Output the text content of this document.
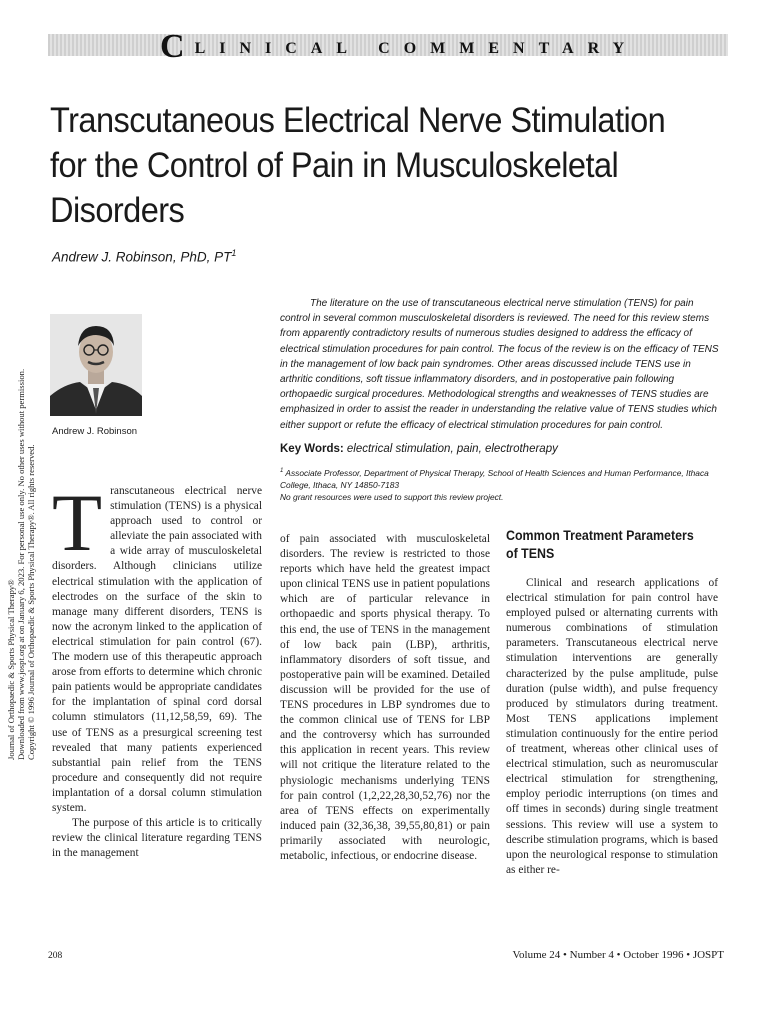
CLINICAL COMMENTARY
Transcutaneous Electrical Nerve Stimulation
for the Control of Pain in Musculoskeletal
Disorders
Andrew J. Robinson, PhD, $PT^1$
Journal of Orthopaedic & Sports Physical Therapy® Downloaded from www.jospt.org at on January 6, 2023. For personal use only. No other uses without permission. Copyright © 1996 Journal of Orthopaedic & Sports Physical Therapy®. All rights reserved.
Andrew J. Robinson

The literature on the use of transcutaneous electrical nerve stimulation (TENS) for pain control in several common musculoskeletal disorders is reviewed. The need for this review stems from apparently contradictory results of numerous studies designed to address the efficacy of electrical stimulation procedures for pain control. The focus of the review is on the efficacy of TENS in the management of low back pain syndromes. Other areas discussed include TENS use in arthritic conditions, soft tissue inflammatory disorders, and in postoperative pain following orthopaedic surgical procedures. Methodological strengths and weaknesses of TENS studies are emphasized in order to assist the reader in understanding the relative value of TENS studies which either support or refute the efficacy of electrical stimulation procedures for pain control.

Key Words: electrical stimulation, pain, electrotherapy
$^1$ Associate Professor, Department of Physical Therapy, School of Health Sciences and Human Performance, Ithaca College, Ithaca, NY 14850-7183
No grant resources were used to support this review project.

Transcutaneous electrical nerve stimulation (TENS) is a physical approach used to control or alleviate the pain associated with a wide array of musculoskeletal disorders. Although clinicians utilize electrical stimulation with the application of electrodes on the surface of the skin to manage many different disorders, TENS is now the acronym linked to the application of electrical stimulation for pain control (67). The modern use of this therapeutic approach arose from efforts to determine which chronic pain patients would be appropriate candidates for the implantation of spinal cord dorsal column stimulators (11,12,58,59, 69). The use of TENS as a presurgical screening test revealed that many patients experienced substantial pain relief from the TENS procedure and consequently did not require implantation of a dorsal column stimulation system.

The purpose of this article is to critically review the clinical literature regarding TENS in the management

of pain associated with musculoskeletal disorders. The review is restricted to those reports which have held the greatest impact upon clinical TENS use in patient populations which are of particular relevance in orthopaedic and sports physical therapy. To this end, the use of TENS in the management of low back pain (LBP), arthritis, inflammatory disorders of soft tissue, and postoperative pain will be examined. Detailed discussion will be provided for the use of TENS procedures in LBP syndromes due to the common clinical use of TENS for LBP and the controversy which has surrounded this application in recent years. This review will not critique the literature related to the physiologic mechanisms underlying TENS for pain control (1,2,22,28,30,52,76) nor the area of TENS effects on experimentally induced pain (32,36,38, 39,55,80,81) or pain primarily associated with neurologic, metabolic, infectious, or endocrine disease.

Common Treatment Parameters of TENS

Clinical and research applications of electrical stimulation for pain control have employed pulsed or alternating currents with numerous combinations of stimulation parameters. Transcutaneous electrical nerve stimulation interventions are generally characterized by the pulse amplitude, pulse duration (pulse width), and pulse frequency produced by stimulators during treatment. Most TENS applications implement stimulation continuously for the entire period of treatment, whereas other clinical uses of electrical stimulation, such as neuromuscular electrical stimulation for strengthening, employ periodic interruptions (on times and off times in seconds) during single treatment sessions. This review will use a system to describe stimulation programs, which is based upon the neurological response to stimulation as either re-

208	Volume 24 • Number 4 • October 1996 • JOSPT
